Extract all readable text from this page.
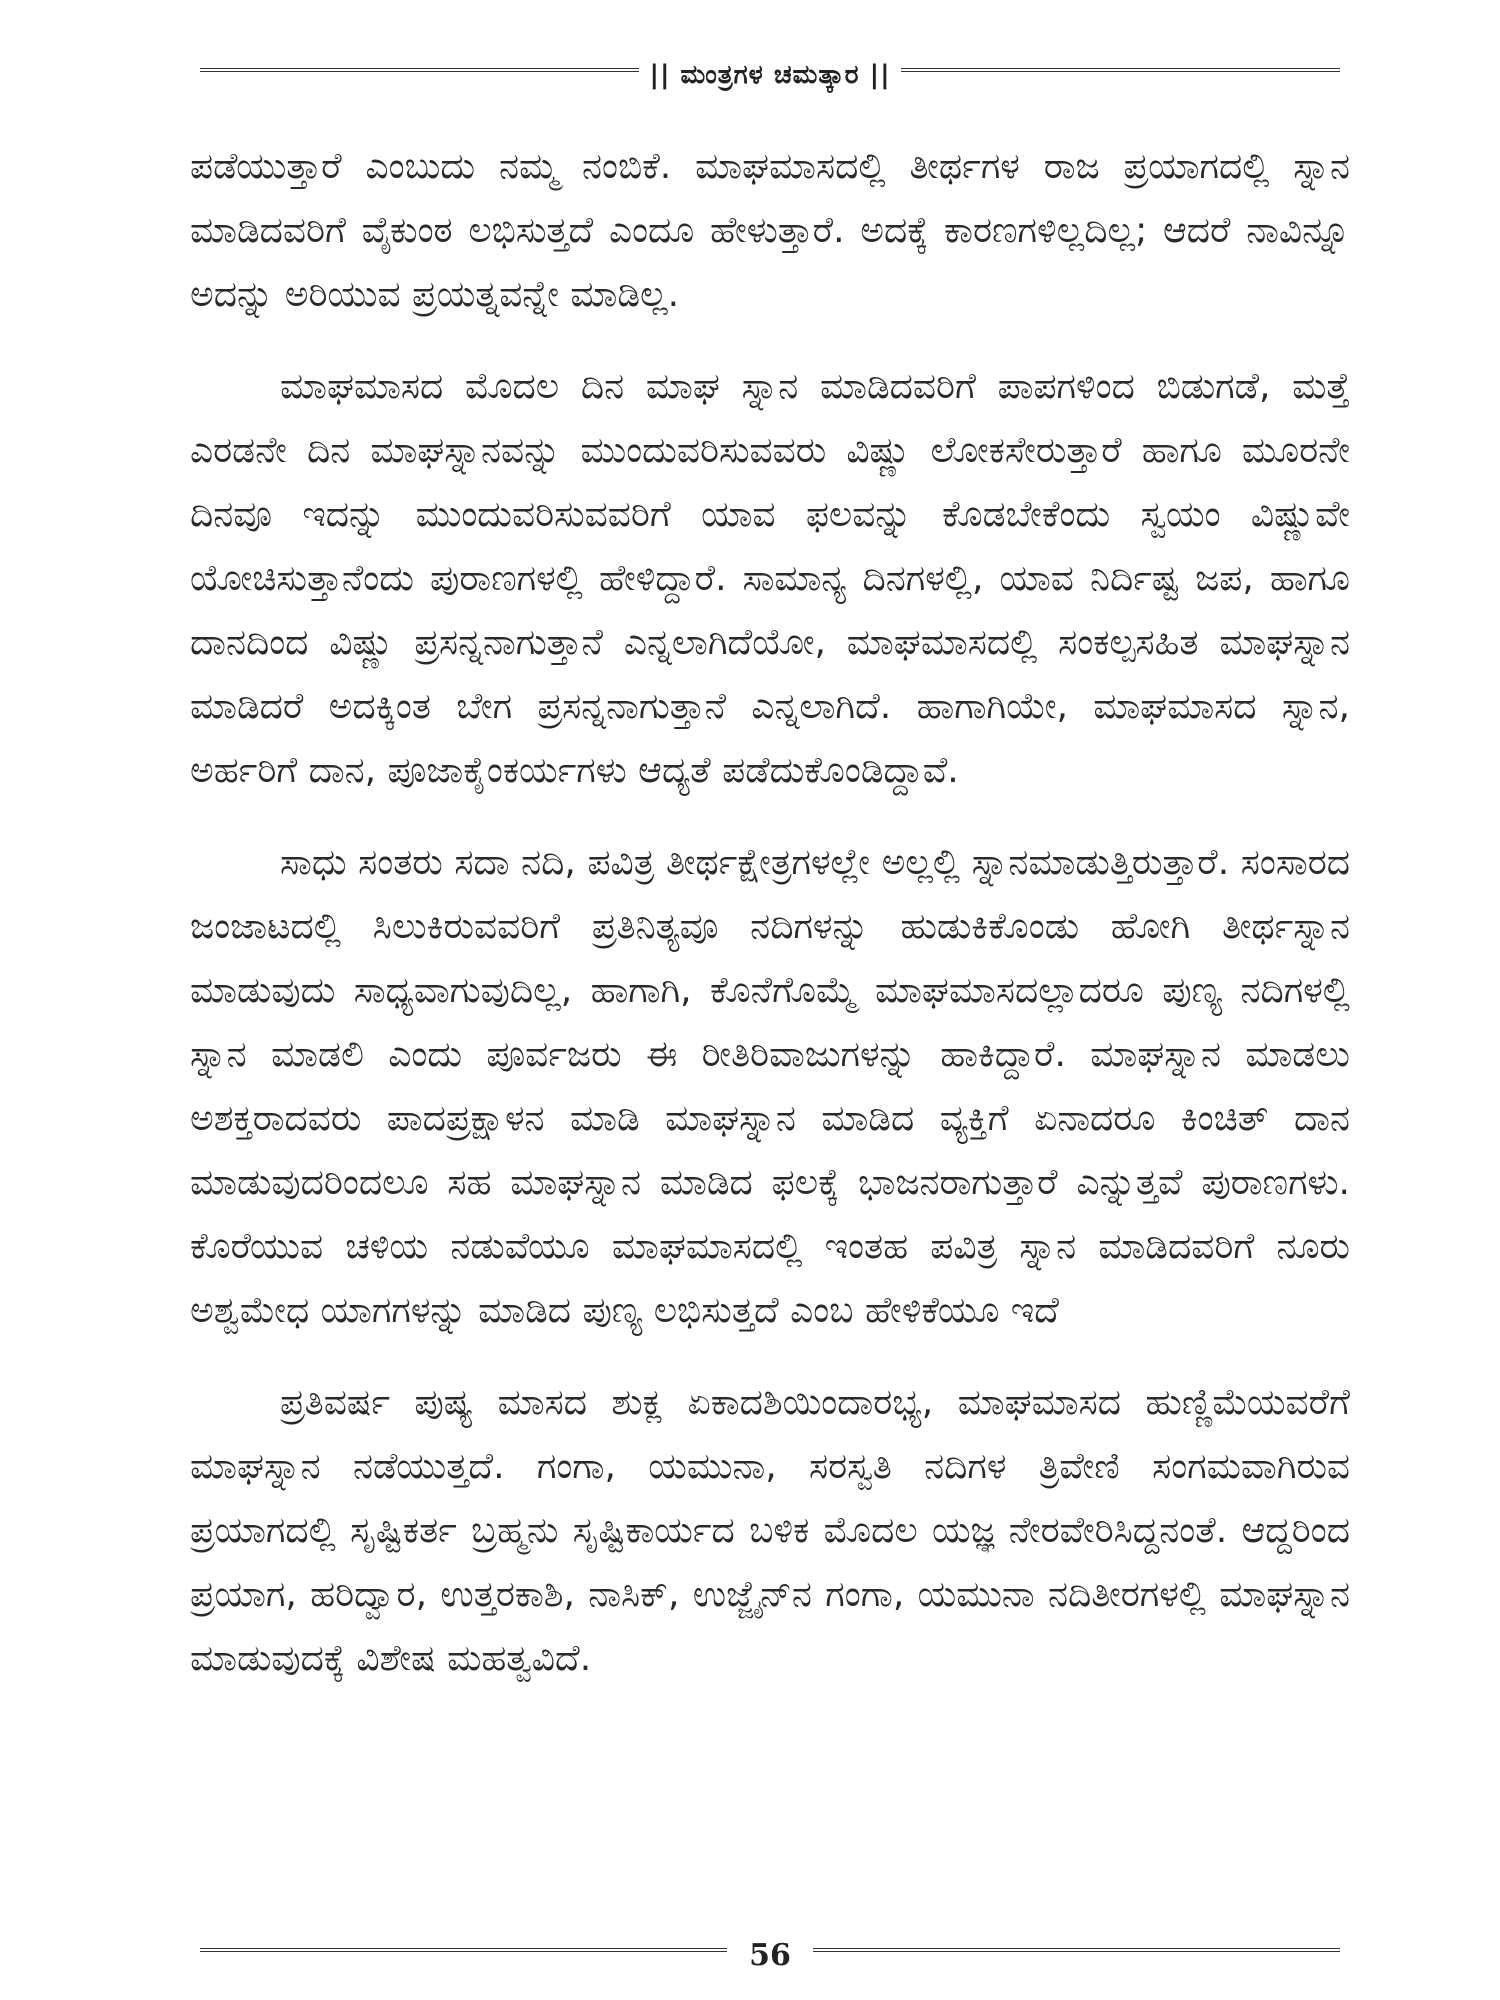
|| ಮಂತ್ರಗಳ ಚಮತ್ಕಾರ ||

ಪಡೆಯುತ್ತಾರೆ ಎಂಬುದು ನಮ್ಮ ನಂಬಿಕೆ. ಮಾಘಮಾಸದಲ್ಲಿ ತೀರ್ಥಗಳ ರಾಜ ಪ್ರಯಾಗದಲ್ಲಿ ಸ್ನಾನ ಮಾಡಿದವರಿಗೆ ವೈಕುಂಠ ಲಭಿಸುತ್ತದೆ ಎಂದೂ ಹೇಳುತ್ತಾರೆ. ಅದಕ್ಕೆ ಕಾರಣಗಳಿಲ್ಲದಿಲ್ಲ; ಆದರೆ ನಾವಿನ್ನೂ ಅದನ್ನು ಅರಿಯುವ ಪ್ರಯತ್ನವನ್ನೇ ಮಾಡಿಲ್ಲ.

ಮಾಘಮಾಸದ ಮೊದಲ ದಿನ ಮಾಘ ಸ್ನಾನ ಮಾಡಿದವರಿಗೆ ಪಾಪಗಳಿಂದ ಬಿಡುಗಡೆ, ಮತ್ತೆ ಎರಡನೇ ದಿನ ಮಾಘಸ್ನಾನವನ್ನು ಮುಂದುವರಿಸುವವರು ವಿಷ್ಣು ಲೋಕಸೇರುತ್ತಾರೆ ಹಾಗೂ ಮೂರನೇ ದಿನವೂ ಇದನ್ನು ಮುಂದುವರಿಸುವವರಿಗೆ ಯಾವ ಫಲವನ್ನು ಕೊಡಬೇಕೆಂದು ಸ್ವಯಂ ವಿಷ್ಣುವೇ ಯೋಚಿಸುತ್ತಾನೆಂದು ಪುರಾಣಗಳಲ್ಲಿ ಹೇಳಿದ್ದಾರೆ. ಸಾಮಾನ್ಯ ದಿನಗಳಲ್ಲಿ, ಯಾವ ನಿರ್ದಿಷ್ಟ ಜಪ, ಹಾಗೂ ದಾನದಿಂದ ವಿಷ್ಣು ಪ್ರಸನ್ನನಾಗುತ್ತಾನೆ ಎನ್ನಲಾಗಿದೆಯೋ, ಮಾಘಮಾಸದಲ್ಲಿ ಸಂಕಲ್ಪಸಹಿತ ಮಾಘಸ್ನಾನ ಮಾಡಿದರೆ ಅದಕ್ಕಿಂತ ಬೇಗ ಪ್ರಸನ್ನನಾಗುತ್ತಾನೆ ಎನ್ನಲಾಗಿದೆ. ಹಾಗಾಗಿಯೇ, ಮಾಘಮಾಸದ ಸ್ನಾನ, ಅರ್ಹರಿಗೆ ದಾನ, ಪೂಜಾಕೈಂಕರ್ಯಗಳು ಆದ್ಯತೆ ಪಡೆದುಕೊಂಡಿದ್ದಾವೆ.

ಸಾಧು ಸಂತರು ಸದಾ ನದಿ, ಪವಿತ್ರ ತೀರ್ಥಕ್ಷೇತ್ರಗಳಲ್ಲೇ ಅಲ್ಲಲ್ಲಿ ಸ್ನಾನಮಾಡುತ್ತಿರುತ್ತಾರೆ. ಸಂಸಾರದ ಜಂಜಾಟದಲ್ಲಿ ಸಿಲುಕಿರುವವರಿಗೆ ಪ್ರತಿನಿತ್ಯವೂ ನದಿಗಳನ್ನು ಹುಡುಕಿಕೊಂಡು ಹೋಗಿ ತೀರ್ಥಸ್ನಾನ ಮಾಡುವುದು ಸಾಧ್ಯವಾಗುವುದಿಲ್ಲ, ಹಾಗಾಗಿ, ಕೊನೆಗೊಮ್ಮೆ ಮಾಘಮಾಸದಲ್ಲಾದರೂ ಪುಣ್ಯ ನದಿಗಳಲ್ಲಿ ಸ್ನಾನ ಮಾಡಲಿ ಎಂದು ಪೂರ್ವಜರು ಈ ರೀತಿರಿವಾಜುಗಳನ್ನು ಹಾಕಿದ್ದಾರೆ. ಮಾಘಸ್ನಾನ ಮಾಡಲು ಅಶಕ್ತರಾದವರು ಪಾದಪ್ರಕ್ಷಾಳನ ಮಾಡಿ ಮಾಘಸ್ನಾನ ಮಾಡಿದ ವ್ಯಕ್ತಿಗೆ ಏನಾದರೂ ಕಿಂಚಿತ್ ದಾನ ಮಾಡುವುದರಿಂದಲೂ ಸಹ ಮಾಘಸ್ನಾನ ಮಾಡಿದ ಫಲಕ್ಕೆ ಭಾಜನರಾಗುತ್ತಾರೆ ಎನ್ನುತ್ತವೆ ಪುರಾಣಗಳು. ಕೊರೆಯುವ ಚಳಿಯ ನಡುವೆಯೂ ಮಾಘಮಾಸದಲ್ಲಿ ಇಂತಹ ಪವಿತ್ರ ಸ್ನಾನ ಮಾಡಿದವರಿಗೆ ನೂರು ಅಶ್ವಮೇಧ ಯಾಗಗಳನ್ನು ಮಾಡಿದ ಪುಣ್ಯ ಲಭಿಸುತ್ತದೆ ಎಂಬ ಹೇಳಿಕೆಯೂ ಇದೆ

ಪ್ರತಿವರ್ಷ ಪುಷ್ಯ ಮಾಸದ ಶುಕ್ಲ ಏಕಾದಶಿಯಿಂದಾರಭ್ಯ, ಮಾಘಮಾಸದ ಹುಣ್ಣಿಮೆಯವರೆಗೆ ಮಾಘಸ್ನಾನ ನಡೆಯುತ್ತದೆ. ಗಂಗಾ, ಯಮುನಾ, ಸರಸ್ವತಿ ನದಿಗಳ ತ್ರಿವೇಣಿ ಸಂಗಮವಾಗಿರುವ ಪ್ರಯಾಗದಲ್ಲಿ ಸೃಷ್ಟಿಕರ್ತ ಬ್ರಹ್ಮನು ಸೃಷ್ಟಿಕಾರ್ಯದ ಬಳಿಕ ಮೊದಲ ಯಜ್ಞ ನೇರವೇರಿಸಿದ್ದನಂತೆ. ಆದ್ದರಿಂದ ಪ್ರಯಾಗ, ಹರಿದ್ವಾರ, ಉತ್ತರಕಾಶಿ, ನಾಸಿಕ್, ಉಜ್ಜೈನ್‌ನ ಗಂಗಾ, ಯಮುನಾ ನದಿತೀರಗಳಲ್ಲಿ ಮಾಘಸ್ನಾನ ಮಾಡುವುದಕ್ಕೆ ವಿಶೇಷ ಮಹತ್ವವಿದೆ.

56
